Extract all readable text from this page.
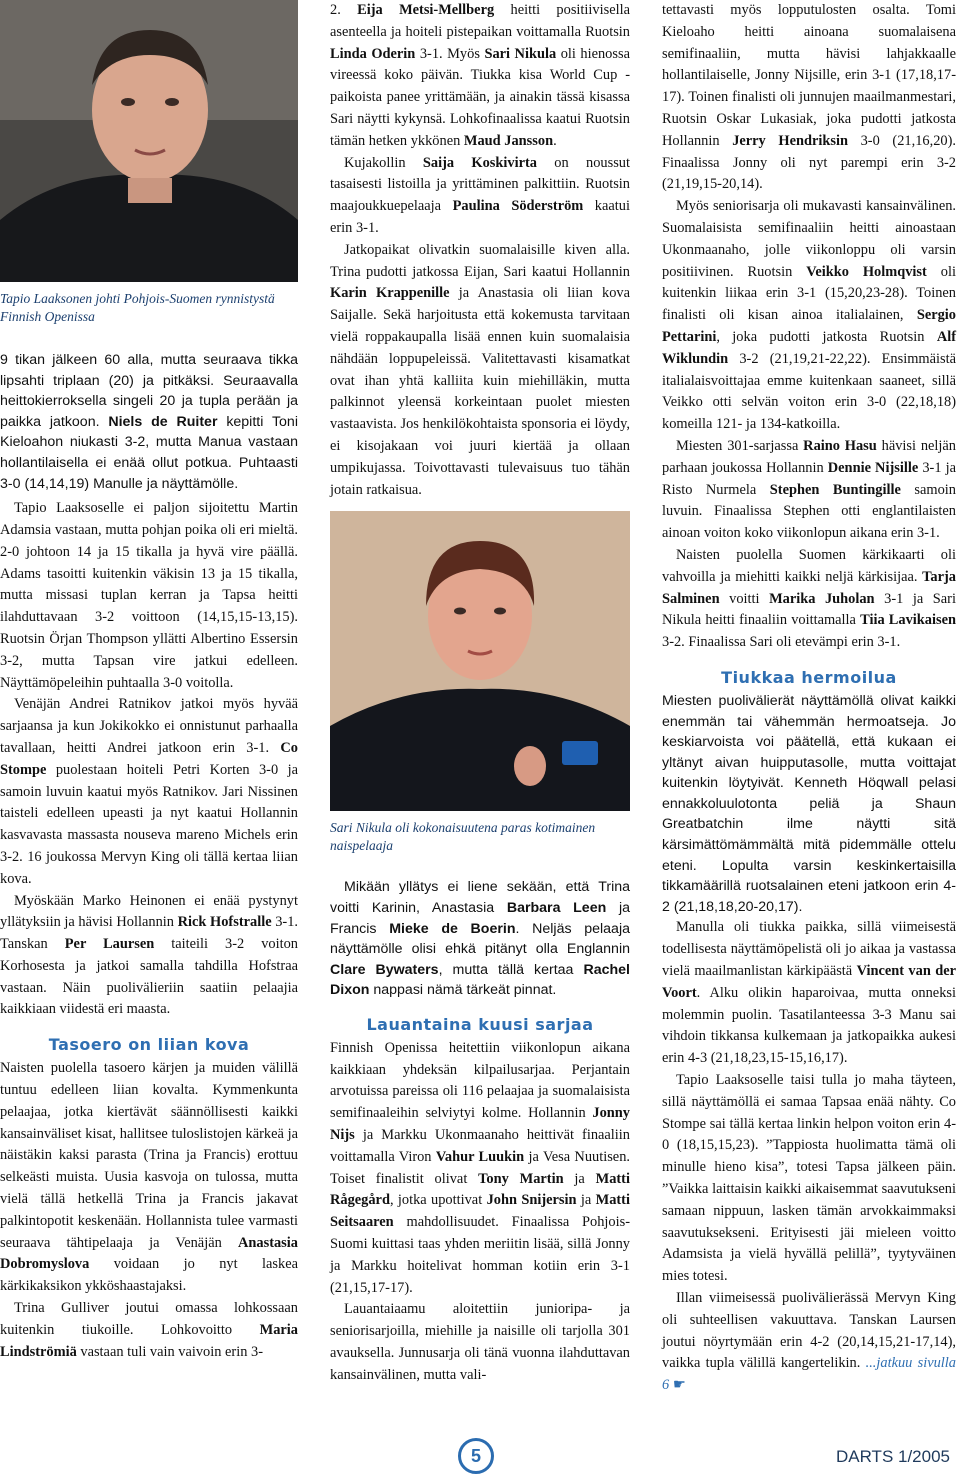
Tapio Laaksonen johti Pohjois-Suomen rynnistystä Finnish Openissa

9 tikan jälkeen 60 alla, mutta seuraava tikka lipsahti triplaan (20) ja pitkäksi. Seuraavalla heittokierroksella singeli 20 ja tupla perään ja paikka jatkoon. Niels de Ruiter kepitti Toni Kieloahon niukasti 3-2, mutta Manua vastaan hollantilaisella ei enää ollut potkua. Puhtaasti 3-0 (14,14,19) Manulle ja näyttämölle.

Tapio Laaksoselle ei paljon sijoitettu Martin Adamsia vastaan, mutta pohjan poika oli eri mieltä. 2-0 johtoon 14 ja 15 tikalla ja hyvä vire päällä. Adams tasoitti kuitenkin väkisin 13 ja 15 tikalla, mutta missasi tuplan kerran ja Tapsa heitti ilahduttavaan 3-2 voittoon (14,15,15-13,15). Ruotsin Örjan Thompson yllätti Albertino Essersin 3-2, mutta Tapsan vire jatkui edelleen. Näyttämöpeleihin puhtaalla 3-0 voitolla.

Venäjän Andrei Ratnikov jatkoi myös hyvää sarjaansa ja kun Jokikokko ei onnistunut parhaalla tavallaan, heitti Andrei jatkoon erin 3-1. Co Stompe puolestaan hoiteli Petri Korten 3-0 ja samoin luvuin kaatui myös Ratnikov. Jari Nissinen taisteli edelleen upeasti ja nyt kaatui Hollannin kasvavasta massasta nouseva mareno Michels erin 3-2. 16 joukossa Mervyn King oli tällä kertaa liian kova.

Myöskään Marko Heinonen ei enää pystynyt yllätyksiin ja hävisi Hollannin Rick Hofstralle 3-1. Tanskan Per Laursen taiteili 3-2 voiton Korhosesta ja jatkoi samalla tahdilla Hofstraa vastaan. Näin puolivälieriin saatiin pelaajia kaikkiaan viidestä eri maasta.

Tasoero on liian kova

Naisten puolella tasoero kärjen ja muiden välillä tuntuu edelleen liian kovalta. Kymmenkunta pelaajaa, jotka kiertävät säännöllisesti kaikki kansainväliset kisat, hallitsee tuloslistojen kärkeä ja näistäkin kaksi parasta (Trina ja Francis) erottuu selkeästi muista. Uusia kasvoja on tulossa, mutta vielä tällä hetkellä Trina ja Francis jakavat palkintopotit keskenään. Hollannista tulee varmasti seuraava tähtipelaaja ja Venäjän Anastasia Dobromyslova voidaan jo nyt laskea kärkikaksikon ykköshaastajaksi.

Trina Gulliver joutui omassa lohkossaan kuitenkin tiukoille. Lohkovoitto Maria Lindströmiä vastaan tuli vain vaivoin erin 3-

2. Eija Metsi-Mellberg heitti positiivisella asenteella ja hoiteli pistepaikan voittamalla Ruotsin Linda Oderin 3-1. Myös Sari Nikula oli hienossa vireessä koko päivän. Tiukka kisa World Cup -paikoista panee yrittämään, ja ainakin tässä kisassa Sari näytti kykynsä. Lohkofinaalissa kaatui Ruotsin tämän hetken ykkönen Maud Jansson.

Kujakollin Saija Koskivirta on noussut tasaisesti listoilla ja yrittäminen palkittiin. Ruotsin maajoukkuepelaaja Paulina Söderström kaatui erin 3-1.

Jatkopaikat olivatkin suomalaisille kiven alla. Trina pudotti jatkossa Eijan, Sari kaatui Hollannin Karin Krappenille ja Anastasia oli liian kova Saijalle. Sekä harjoitusta että kokemusta tarvitaan vielä roppakaupalla lisää ennen kuin suomalaisia nähdään loppupeleissä. Valitettavasti kisamatkat ovat ihan yhtä kalliita kuin miehilläkin, mutta palkinnot yleensä korkeintaan puolet miesten vastaavista. Jos henkilökohtaista sponsoria ei löydy, ei kisojakaan voi juuri kiertää ja ollaan umpikujassa. Toivottavasti tulevaisuus tuo tähän jotain ratkaisua.

Sari Nikula oli kokonaisuutena paras kotimainen naispelaaja

Mikään yllätys ei liene sekään, että Trina voitti Karinin, Anastasia Barbara Leen ja Francis Mieke de Boerin. Neljäs pelaaja näyttämölle olisi ehkä pitänyt olla Englannin Clare Bywaters, mutta tällä kertaa Rachel Dixon nappasi nämä tärkeät pinnat.

Lauantaina kuusi sarjaa

Finnish Openissa heitettiin viikonlopun aikana kaikkiaan yhdeksän kilpailusarjaa. Perjantain arvotuissa pareissa oli 116 pelaajaa ja suomalaisista semifinaaleihin selviytyi kolme. Hollannin Jonny Nijs ja Markku Ukonmaanaho heittivät finaaliin voittamalla Viron Vahur Luukin ja Vesa Nuutisen. Toiset finalistit olivat Tony Martin ja Matti Rågegård, jotka upottivat John Snijersin ja Matti Seitsaaren mahdollisuudet. Finaalissa Pohjois-Suomi kuittasi taas yhden meriitin lisää, sillä Jonny ja Markku hoitelivat homman kotiin erin 3-1 (21,15,17-17).

Lauantaiaamu aloitettiin junioripa- ja seniorisarjoilla, miehille ja naisille oli tarjolla 301 avauksella. Junnusarja oli tänä vuonna ilahduttavan kansainvälinen, mutta vali-

tettavasti myös lopputulosten osalta. Tomi Kieloaho heitti ainoana suomalaisena semifinaaliin, mutta hävisi lahjakkaalle hollantilaiselle, Jonny Nijsille, erin 3-1 (17,18,17-17). Toinen finalisti oli junnujen maailmanmestari, Ruotsin Oskar Lukasiak, joka pudotti jatkosta Hollannin Jerry Hendriksin 3-0 (21,16,20). Finaalissa Jonny oli nyt parempi erin 3-2 (21,19,15-20,14).

Myös seniorisarja oli mukavasti kansainvälinen. Suomalaisista semifinaaliin heitti ainoastaan Ukonmaanaho, jolle viikonloppu oli varsin positiivinen. Ruotsin Veikko Holmqvist oli kuitenkin liikaa erin 3-1 (15,20,23-28). Toinen finalisti oli kisan ainoa italialainen, Sergio Pettarini, joka pudotti jatkosta Ruotsin Alf Wiklundin 3-2 (21,19,21-22,22). Ensimmäistä italialaisvoittajaa emme kuitenkaan saaneet, sillä Veikko otti selvän voiton erin 3-0 (22,18,18) komeilla 121- ja 134-katkoilla.

Miesten 301-sarjassa Raino Hasu hävisi neljän parhaan joukossa Hollannin Dennie Nijsille 3-1 ja Risto Nurmela Stephen Buntingille samoin luvuin. Finaalissa Stephen otti englantilaisten ainoan voiton koko viikonlopun aikana erin 3-1.

Naisten puolella Suomen kärkikaarti oli vahvoilla ja miehitti kaikki neljä kärkisijaa. Tarja Salminen voitti Marika Juholan 3-1 ja Sari Nikula heitti finaaliin voittamalla Tiia Lavikaisen 3-2. Finaalissa Sari oli etevämpi erin 3-1.

Tiukkaa hermoilua

Miesten puolivälierät näyttämöllä olivat kaikki enemmän tai vähemmän hermoatseja. Jo keskiarvoista voi päätellä, että kukaan ei yltänyt aivan huipputasolle, mutta voittajat kuitenkin löytyivät. Kenneth Höqwall pelasi ennakkoluulotonta peliä ja Shaun Greatbatchin ilme näytti sitä kärsimättömämmältä mitä pidemmälle ottelu eteni. Lopulta varsin keskinkertaisilla tikkamäärillä ruotsalainen eteni jatkoon erin 4-2 (21,18,18,20-20,17).

Manulla oli tiukka paikka, sillä viimeisestä todellisesta näyttämöpelistä oli jo aikaa ja vastassa vielä maailmanlistan kärkipäästä Vincent van der Voort. Alku olikin haparoivaa, mutta onneksi molemmin puolin. Tasatilanteessa 3-3 Manu sai vihdoin tikkansa kulkemaan ja jatkopaikka aukesi erin 4-3 (21,18,23,15-15,16,17).

Tapio Laaksoselle taisi tulla jo maha täyteen, sillä näyttämöllä ei samaa Tapsaa enää nähty. Co Stompe sai tällä kertaa linkin helpon voiton erin 4-0 (18,15,15,23). ”Tappiosta huolimatta tämä oli minulle hieno kisa”, totesi Tapsa jälkeen päin. ”Vaikka laittaisin kaikki aikaisemmat saavutukseni samaan nippuun, lasken tämän arvokkaimmaksi saavutuksekseni. Erityisesti jäi mieleen voitto Adamsista ja vielä hyvällä pelillä”, tyytyväinen mies totesi.

Illan viimeisessä puolivälierässä Mervyn King oli suhteellisen vakuuttava. Tanskan Laursen joutui nöyrtymään erin 4-2 (20,14,15,21-17,14), vaikka tupla välillä kangertelikin. ...jatkuu sivulla 6 ☛

5	DARTS 1/2005
